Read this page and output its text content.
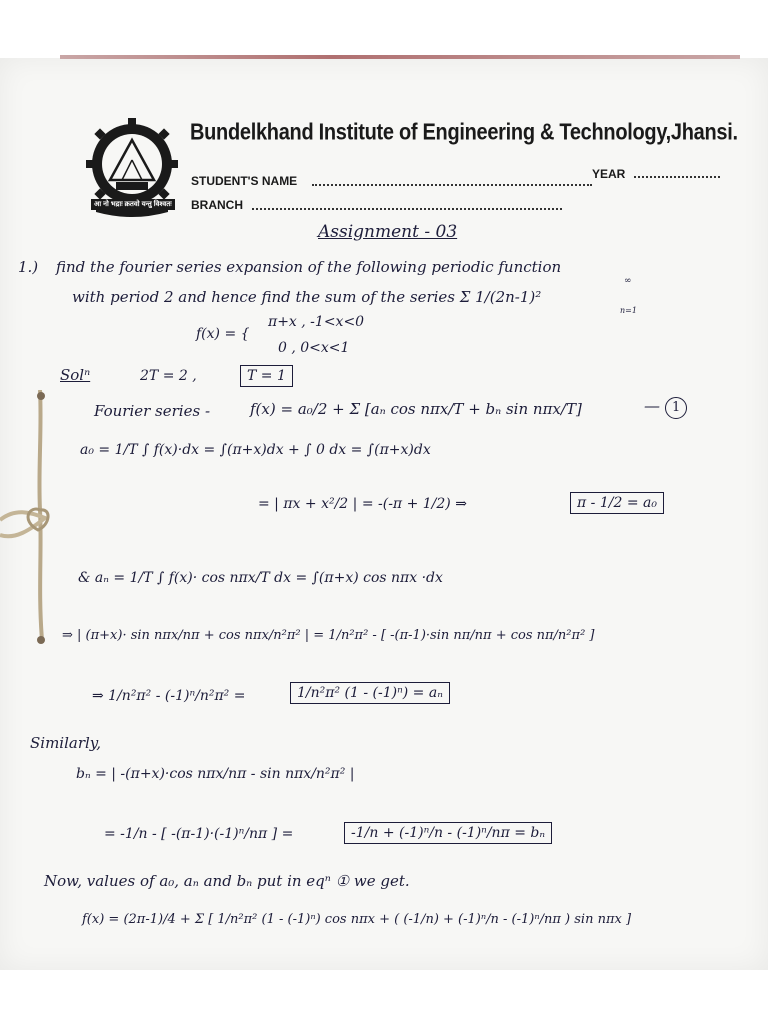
आ नो भद्राः क्रतवो यन्तु विश्वतः
BIET
Bundelkhand Institute of Engineering & Technology,Jhansi.
STUDENT'S NAME	YEAR
BRANCH
Assignment - 03
1.) find the fourier series expansion of the following periodic function
with period 2 and hence find the sum of the series Σ 1/(2n-1)²
∞
n=1
f(x) = {
π+x , -1<x<0
0 , 0<x<1
Solⁿ	2T = 2 ,	T = 1
Fourier series -	f(x) = a₀/2 + Σ [aₙ cos nπx/T + bₙ sin nπx/T]	— 1
a₀ = 1/T ∫ f(x)·dx = ∫(π+x)dx + ∫ 0 dx = ∫(π+x)dx
= | πx + x²/2 | = -(-π + 1/2) ⇒	π - 1/2 = a₀
& aₙ = 1/T ∫ f(x)· cos nπx/T dx = ∫(π+x) cos nπx ·dx
⇒ | (π+x)· sin nπx/nπ + cos nπx/n²π² | = 1/n²π² - [ -(π-1)·sin nπ/nπ + cos nπ/n²π² ]
⇒ 1/n²π² - (-1)ⁿ/n²π² =	1/n²π² (1 - (-1)ⁿ) = aₙ
Similarly,
bₙ = | -(π+x)·cos nπx/nπ - sin nπx/n²π² |
= -1/n - [ -(π-1)·(-1)ⁿ/nπ ] =	-1/n + (-1)ⁿ/n - (-1)ⁿ/nπ = bₙ
Now, values of a₀, aₙ and bₙ put in eqⁿ ① we get.
f(x) = (2π-1)/4 + Σ [ 1/n²π² (1 - (-1)ⁿ) cos nπx + ( (-1/n) + (-1)ⁿ/n - (-1)ⁿ/nπ ) sin nπx ]
